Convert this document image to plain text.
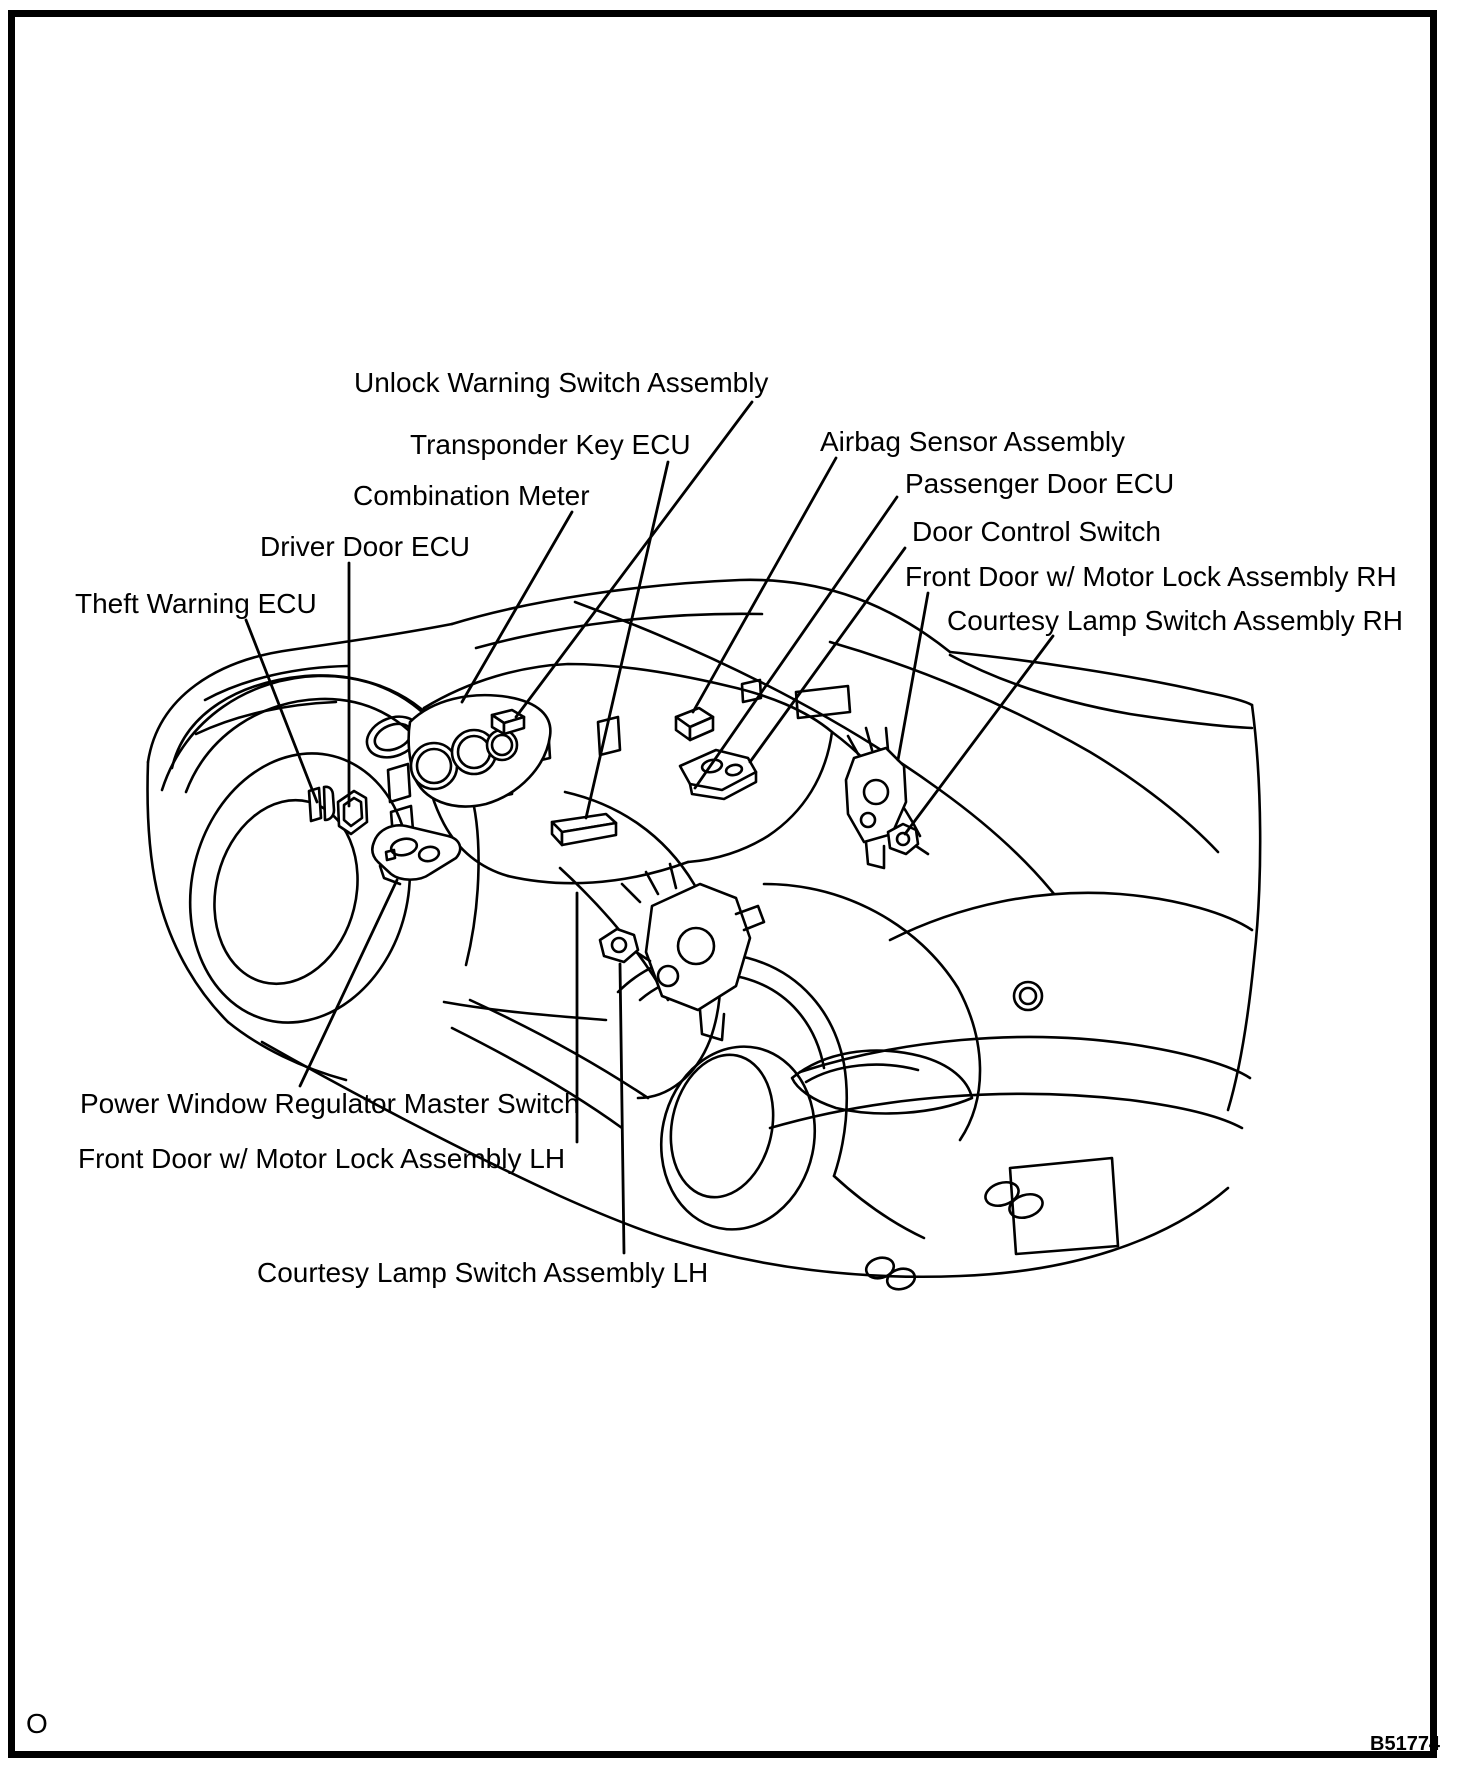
Unlock Warning Switch Assembly
Transponder Key ECU
Combination Meter
Driver Door ECU
Theft Warning ECU
Airbag Sensor Assembly
Passenger Door ECU
Door Control Switch
Front Door w/ Motor Lock Assembly RH
Courtesy Lamp Switch Assembly RH
Power Window Regulator Master Switch
Front Door w/ Motor Lock Assembly LH
Courtesy Lamp Switch Assembly LH
O
B51774
